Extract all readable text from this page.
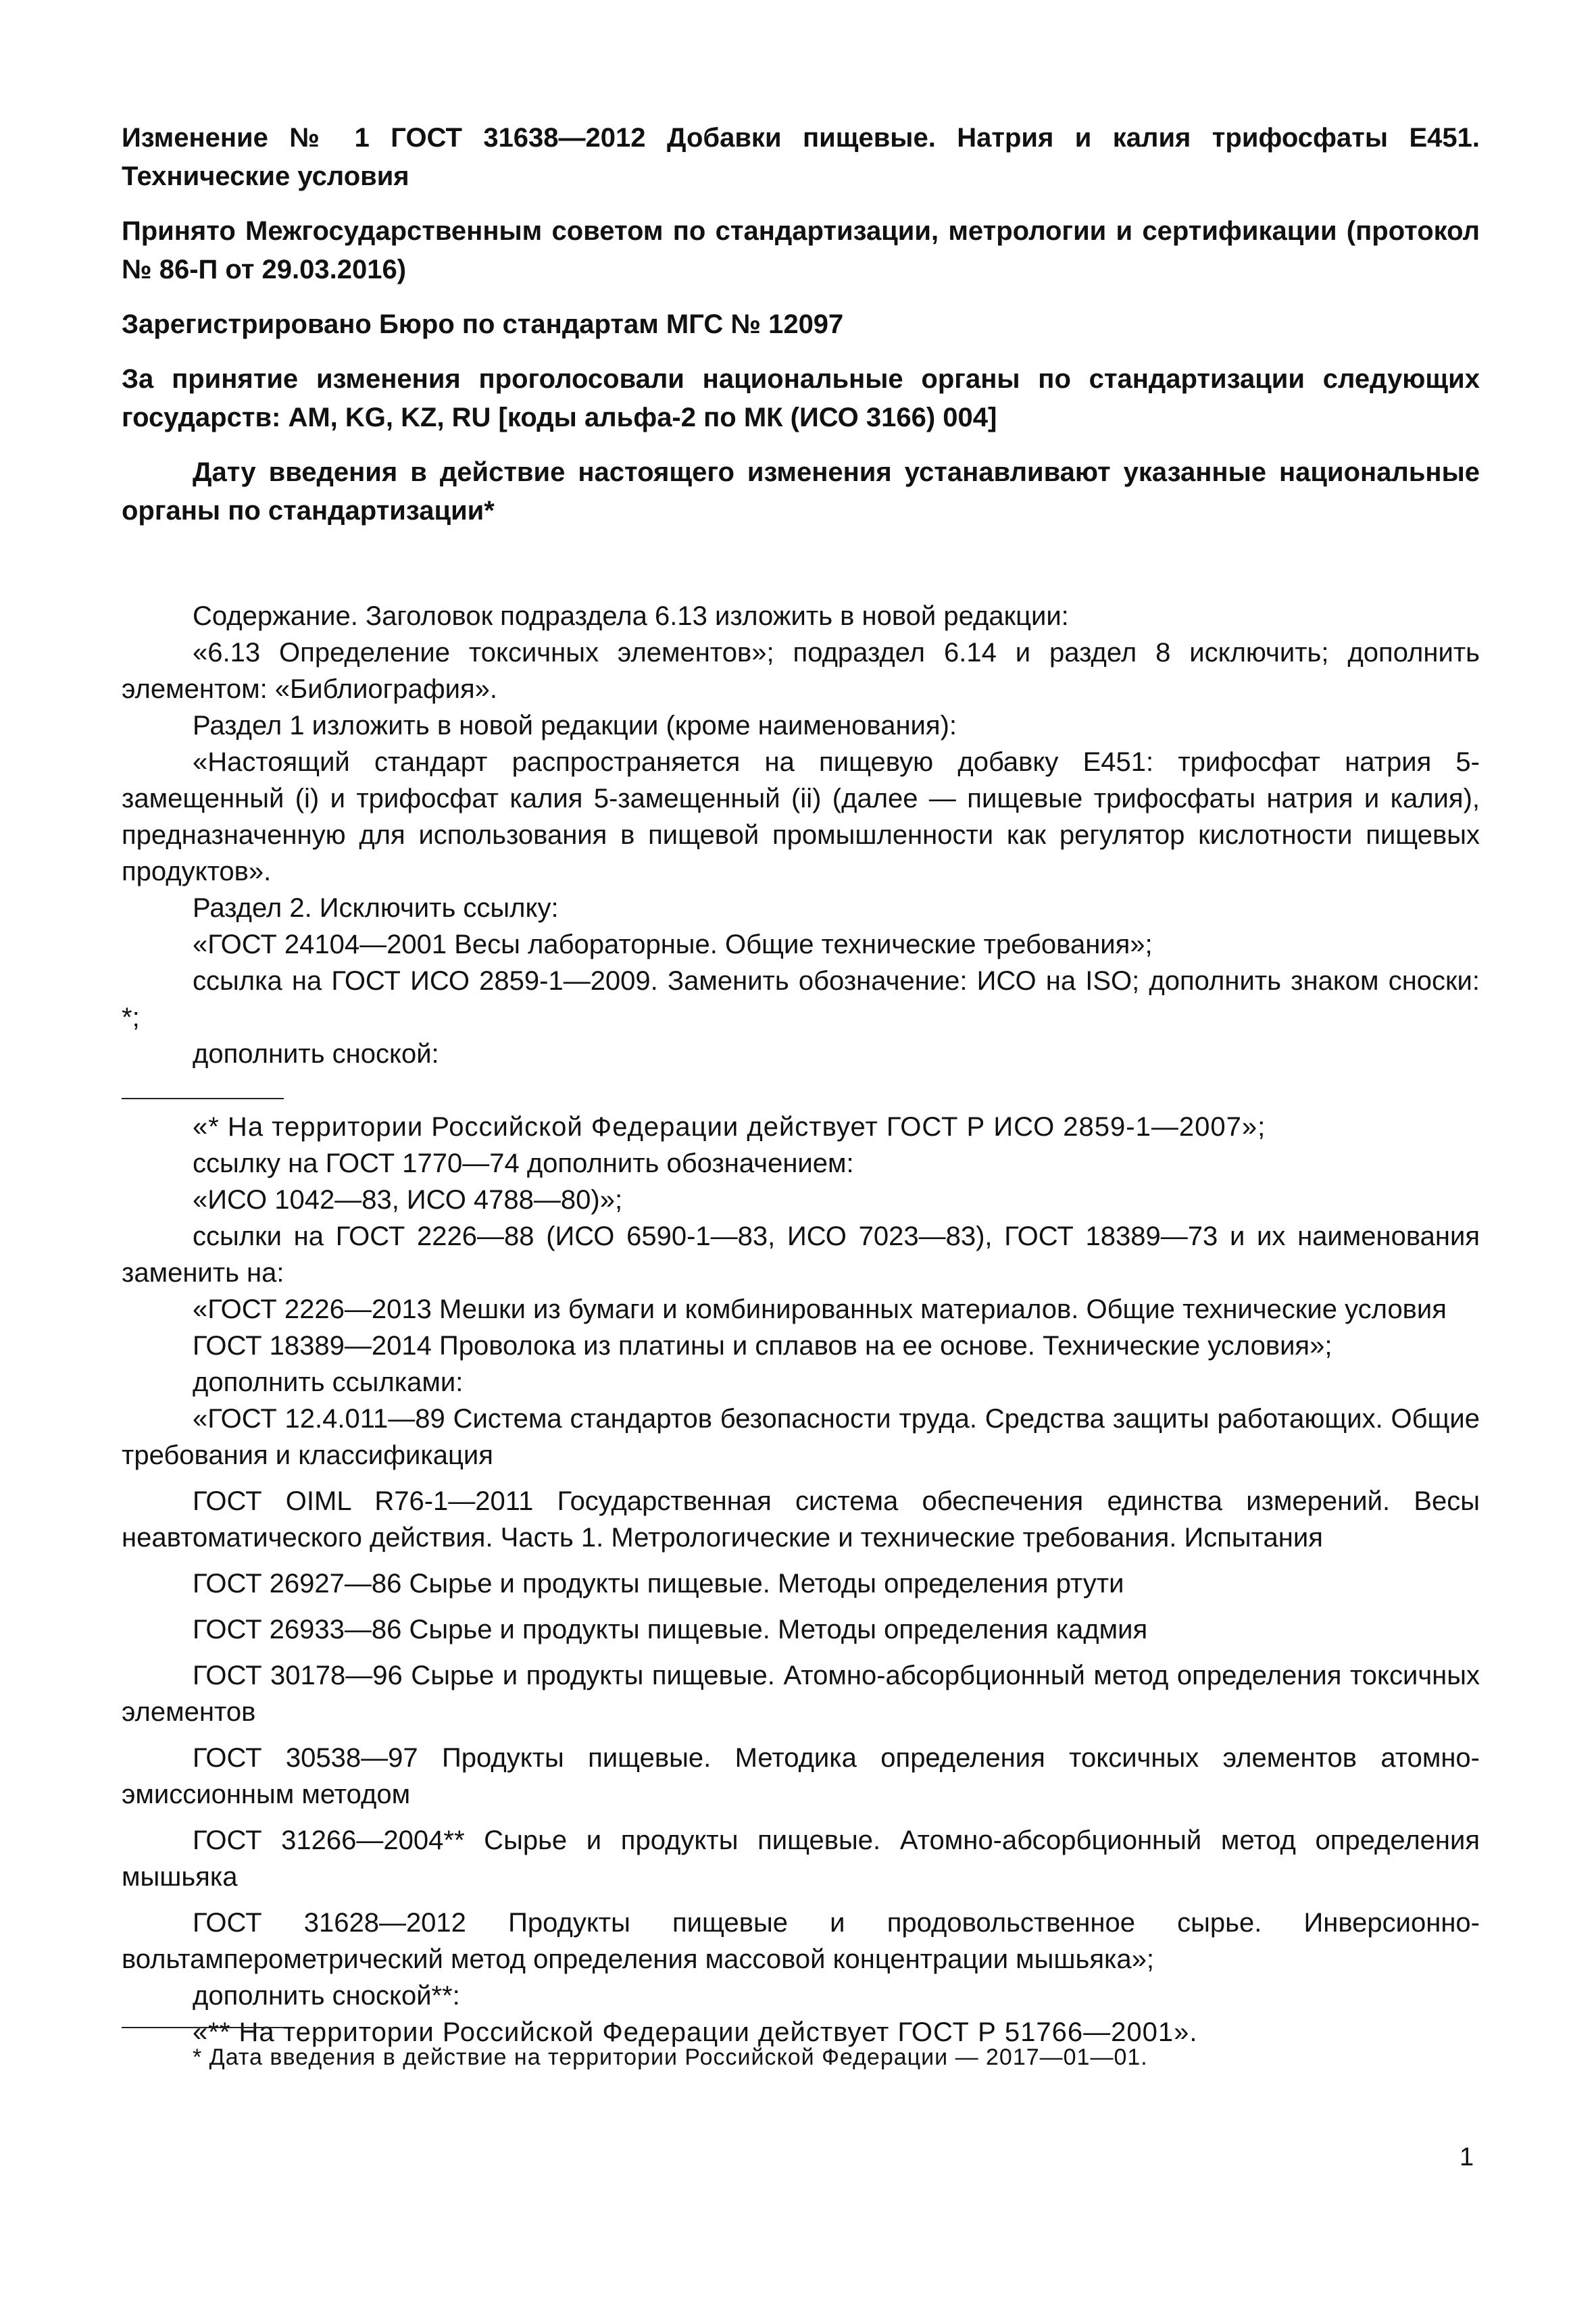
Изменение № 1 ГОСТ 31638—2012 Добавки пищевые. Натрия и калия трифосфаты Е451. Технические условия

Принято Межгосударственным советом по стандартизации, метрологии и сертификации (протокол № 86-П от 29.03.2016)

Зарегистрировано Бюро по стандартам МГС № 12097

За принятие изменения проголосовали национальные органы по стандартизации следующих государств: AM, KG, KZ, RU [коды альфа-2 по МК (ИСО 3166) 004]

Дату введения в действие настоящего изменения устанавливают указанные национальные органы по стандартизации*

Содержание. Заголовок подраздела 6.13 изложить в новой редакции:

«6.13 Определение токсичных элементов»; подраздел 6.14 и раздел 8 исключить; дополнить элементом: «Библиография».

Раздел 1 изложить в новой редакции (кроме наименования):

«Настоящий стандарт распространяется на пищевую добавку Е451: трифосфат натрия 5-замещенный (i) и трифосфат калия 5-замещенный (ii) (далее — пищевые трифосфаты натрия и калия), предназначенную для использования в пищевой промышленности как регулятор кислотности пищевых продуктов».

Раздел 2. Исключить ссылку:

«ГОСТ 24104—2001 Весы лабораторные. Общие технические требования»;

ссылка на ГОСТ ИСО 2859-1—2009. Заменить обозначение: ИСО на ISO; дополнить знаком сноски: *;

дополнить сноской:

«* На территории Российской Федерации действует ГОСТ Р ИСО 2859-1—2007»;

ссылку на ГОСТ 1770—74 дополнить обозначением:

«ИСО 1042—83, ИСО 4788—80)»;

ссылки на ГОСТ 2226—88 (ИСО 6590-1—83, ИСО 7023—83), ГОСТ 18389—73 и их наименования заменить на:

«ГОСТ 2226—2013 Мешки из бумаги и комбинированных материалов. Общие технические условия

ГОСТ 18389—2014 Проволока из платины и сплавов на ее основе. Технические условия»;

дополнить ссылками:

«ГОСТ 12.4.011—89 Система стандартов безопасности труда. Средства защиты работающих. Общие требования и классификация

ГОСТ OIML R76-1—2011 Государственная система обеспечения единства измерений. Весы неавтоматического действия. Часть 1. Метрологические и технические требования. Испытания

ГОСТ 26927—86 Сырье и продукты пищевые. Методы определения ртути

ГОСТ 26933—86 Сырье и продукты пищевые. Методы определения кадмия

ГОСТ 30178—96 Сырье и продукты пищевые. Атомно-абсорбционный метод определения токсичных элементов

ГОСТ 30538—97 Продукты пищевые. Методика определения токсичных элементов атомно-эмиссионным методом

ГОСТ 31266—2004** Сырье и продукты пищевые. Атомно-абсорбционный метод определения мышьяка

ГОСТ 31628—2012 Продукты пищевые и продовольственное сырье. Инверсионно-вольтамперометрический метод определения массовой концентрации мышьяка»;

дополнить сноской**:

«** На территории Российской Федерации действует ГОСТ Р 51766—2001».

* Дата введения в действие на территории Российской Федерации — 2017—01—01.

1
